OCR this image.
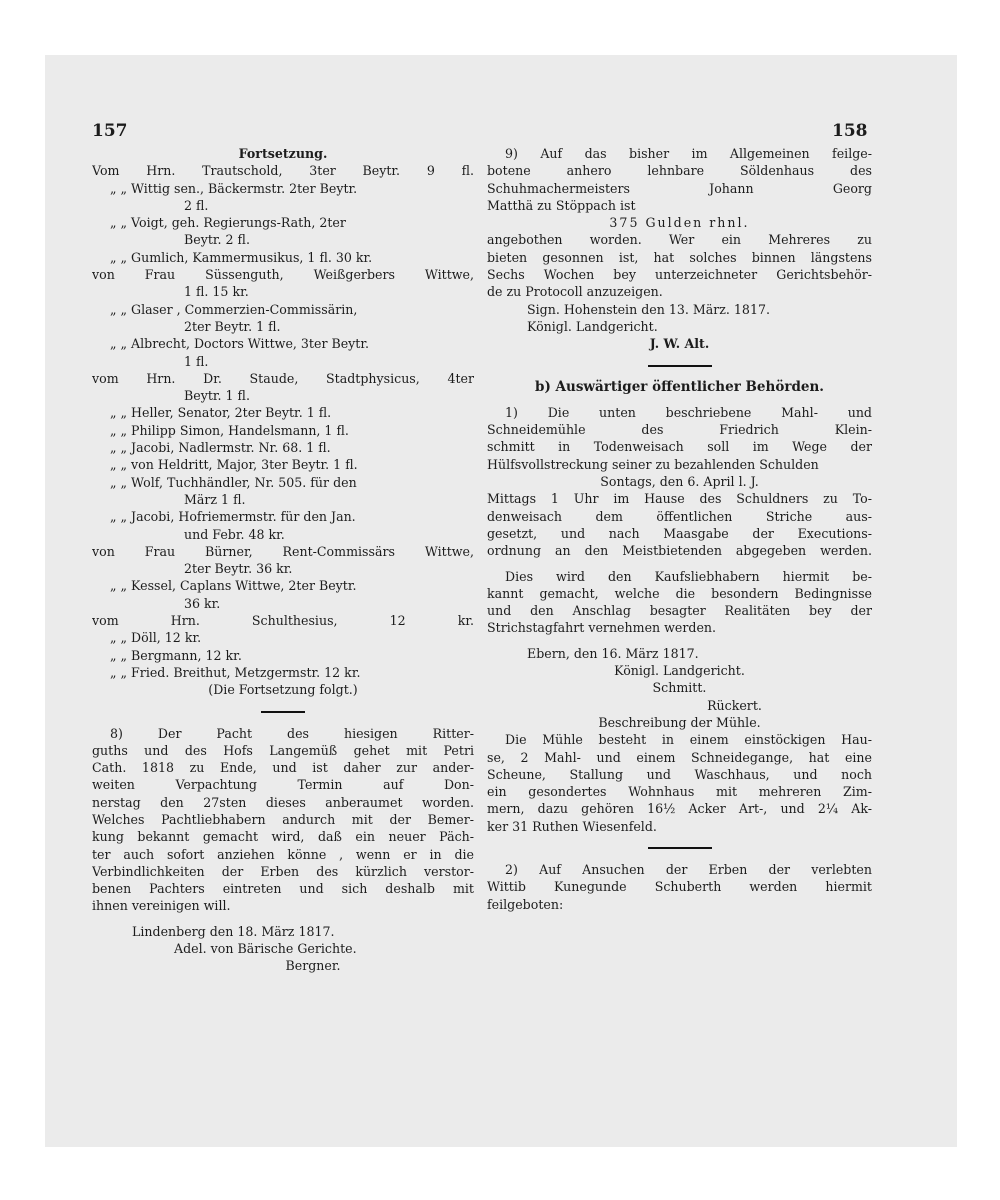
157	158
Fortsetzung.
Vom Hrn. Trautschold, 3ter Beytr. 9 fl.
„ „ Wittig sen., Bäckermstr. 2ter Beytr.
2 fl.
„ „ Voigt, geh. Regierungs-Rath, 2ter
Beytr. 2 fl.
„ „ Gumlich, Kammermusikus, 1 fl. 30 kr.
von Frau Süssenguth, Weißgerbers Wittwe,
1 fl. 15 kr.
„ „ Glaser , Commerzien-Commissärin,
2ter Beytr. 1 fl.
„ „ Albrecht, Doctors Wittwe, 3ter Beytr.
1 fl.
vom Hrn. Dr. Staude, Stadtphysicus, 4ter
Beytr. 1 fl.
„ „ Heller, Senator, 2ter Beytr. 1 fl.
„ „ Philipp Simon, Handelsmann, 1 fl.
„ „ Jacobi, Nadlermstr. Nr. 68. 1 fl.
„ „ von Heldritt, Major, 3ter Beytr. 1 fl.
„ „ Wolf, Tuchhändler, Nr. 505. für den
März 1 fl.
„ „ Jacobi, Hofriemermstr. für den Jan.
und Febr. 48 kr.
von Frau Bürner, Rent-Commissärs Wittwe,
2ter Beytr. 36 kr.
„ „ Kessel, Caplans Wittwe, 2ter Beytr.
36 kr.
vom Hrn. Schulthesius, 12 kr.
„ „ Döll, 12 kr.
„ „ Bergmann, 12 kr.
„ „ Fried. Breithut, Metzgermstr. 12 kr.
(Die Fortsetzung folgt.)
8) Der Pacht des hiesigen Ritter-
guths und des Hofs Langemüß gehet mit Petri
Cath. 1818 zu Ende, und ist daher zur ander-
weiten Verpachtung Termin auf Don-
nerstag den 27sten dieses anberaumet worden.
Welches Pachtliebhabern andurch mit der Bemer-
kung bekannt gemacht wird, daß ein neuer Päch-
ter auch sofort anziehen könne , wenn er in die
Verbindlichkeiten der Erben des kürzlich verstor-
benen Pachters eintreten und sich deshalb mit
ihnen vereinigen will.
Lindenberg den 18. März 1817.
Adel. von Bärische Gerichte.
Bergner.
9) Auf das bisher im Allgemeinen feilge-
botene anhero lehnbare Söldenhaus des
Schuhmachermeisters Johann Georg
Matthä zu Stöppach ist
375 Gulden rhnl.
angebothen worden. Wer ein Mehreres zu
bieten gesonnen ist, hat solches binnen längstens
Sechs Wochen bey unterzeichneter Gerichtsbehör-
de zu Protocoll anzuzeigen.
Sign. Hohenstein den 13. März. 1817.
Königl. Landgericht.
J. W. Alt.
b) Auswärtiger öffentlicher Behörden.
1) Die unten beschriebene Mahl- und
Schneidemühle des Friedrich Klein-
schmitt in Todenweisach soll im Wege der
Hülfsvollstreckung seiner zu bezahlenden Schulden
Sontags, den 6. April l. J.
Mittags 1 Uhr im Hause des Schuldners zu To-
denweisach dem öffentlichen Striche aus-
gesetzt, und nach Maasgabe der Executions-
ordnung an den Meistbietenden abgegeben werden.
Dies wird den Kaufsliebhabern hiermit be-
kannt gemacht, welche die besondern Bedingnisse
und den Anschlag besagter Realitäten bey der
Strichstagfahrt vernehmen werden.
Ebern, den 16. März 1817.
Königl. Landgericht.
Schmitt.
Rückert.
Beschreibung der Mühle.
Die Mühle besteht in einem einstöckigen Hau-
se, 2 Mahl- und einem Schneidegange, hat eine
Scheune, Stallung und Waschhaus, und noch
ein gesondertes Wohnhaus mit mehreren Zim-
mern, dazu gehören 16½ Acker Art-, und 2¼ Ak-
ker 31 Ruthen Wiesenfeld.
2) Auf Ansuchen der Erben der verlebten
Wittib Kunegunde Schuberth werden hiermit
feilgeboten:
